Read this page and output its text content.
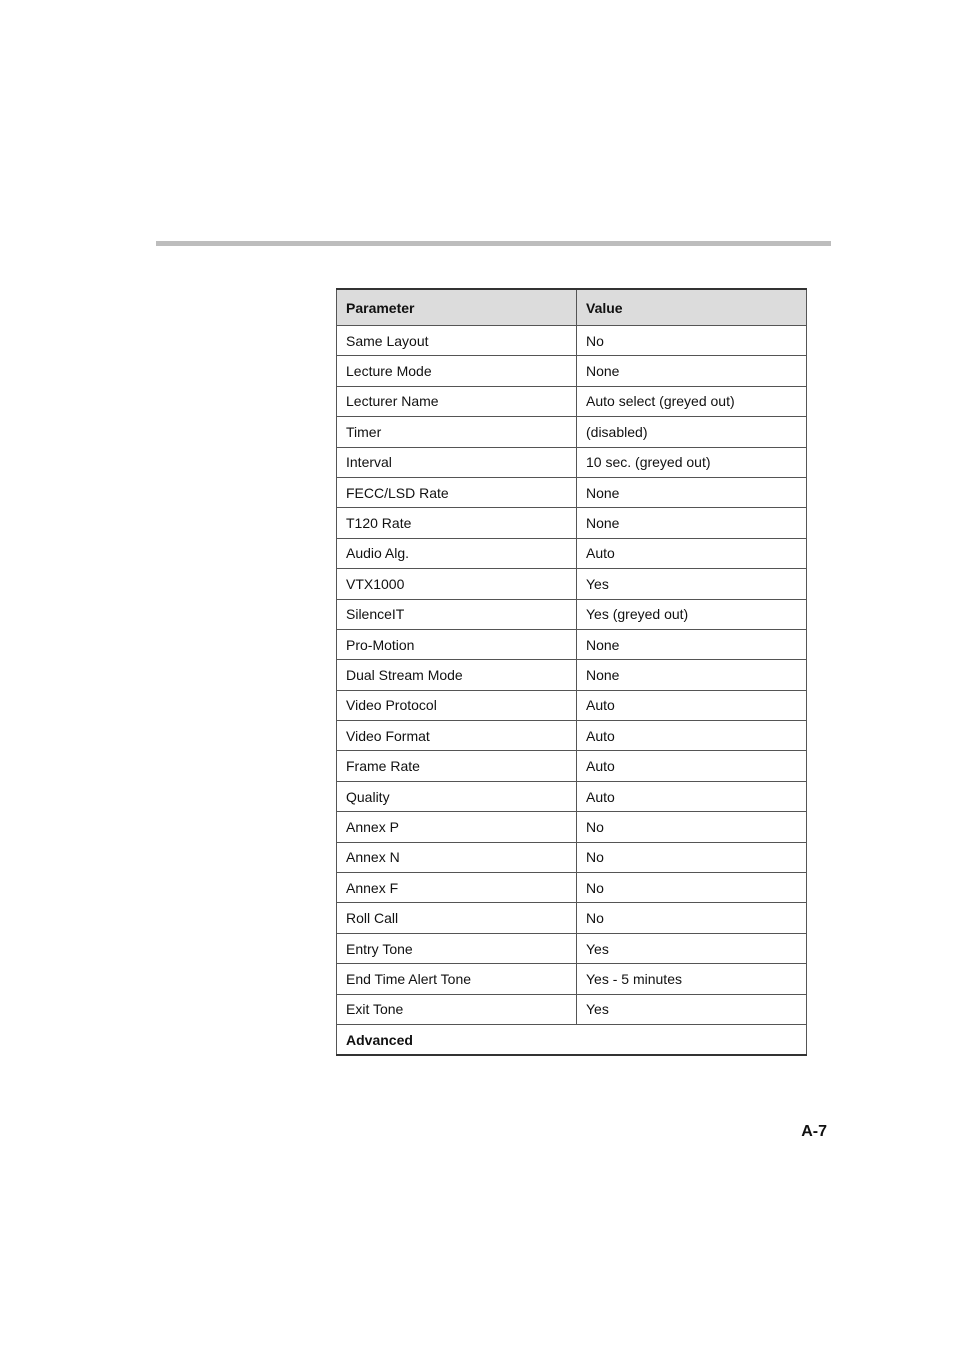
Parameter	Value
Same Layout	No
Lecture Mode	None
Lecturer Name	Auto select (greyed out)
Timer	(disabled)
Interval	10 sec. (greyed out)
FECC/LSD Rate	None
T120 Rate	None
Audio Alg.	Auto
VTX1000	Yes
SilenceIT	Yes (greyed out)
Pro-Motion	None
Dual Stream Mode	None
Video Protocol	Auto
Video Format	Auto
Frame Rate	Auto
Quality	Auto
Annex P	No
Annex N	No
Annex F	No
Roll Call	No
Entry Tone	Yes
End Time Alert Tone	Yes - 5 minutes
Exit Tone	Yes
Advanced	
A-7
